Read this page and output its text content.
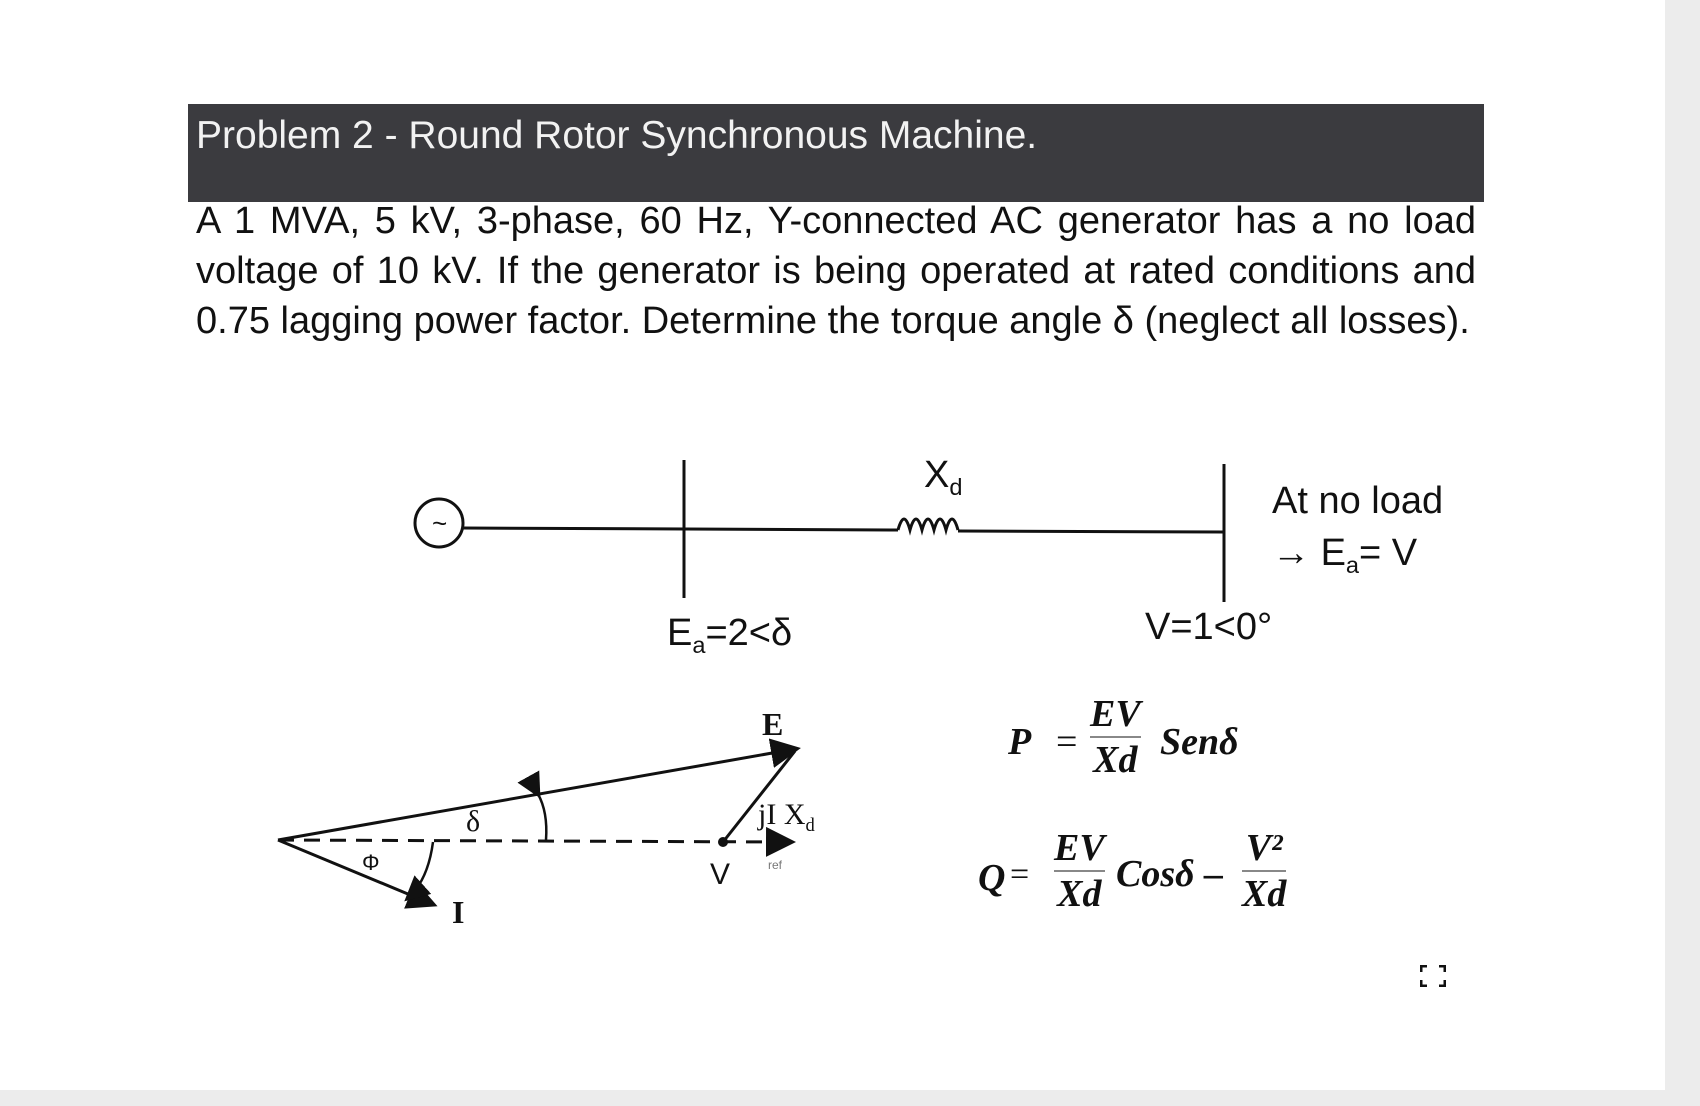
Problem 2 - Round Rotor Synchronous Machine.

A 1 MVA, 5 kV, 3-phase, 60 Hz, Y-connected AC generator has a no load voltage of 10 kV. If the generator is being operated at rated conditions and 0.75 lagging power factor. Determine the torque angle δ (neglect all losses).

~
$X_d$
$E_a=2<\delta$	V=1<0°
At no load
→ $E_a= V$
E
δ
Φ
I
V
jI $X_d$
ref
P =
EV
Xd Senδ
Q =
EV
Xd Cosδ –
V²
Xd
